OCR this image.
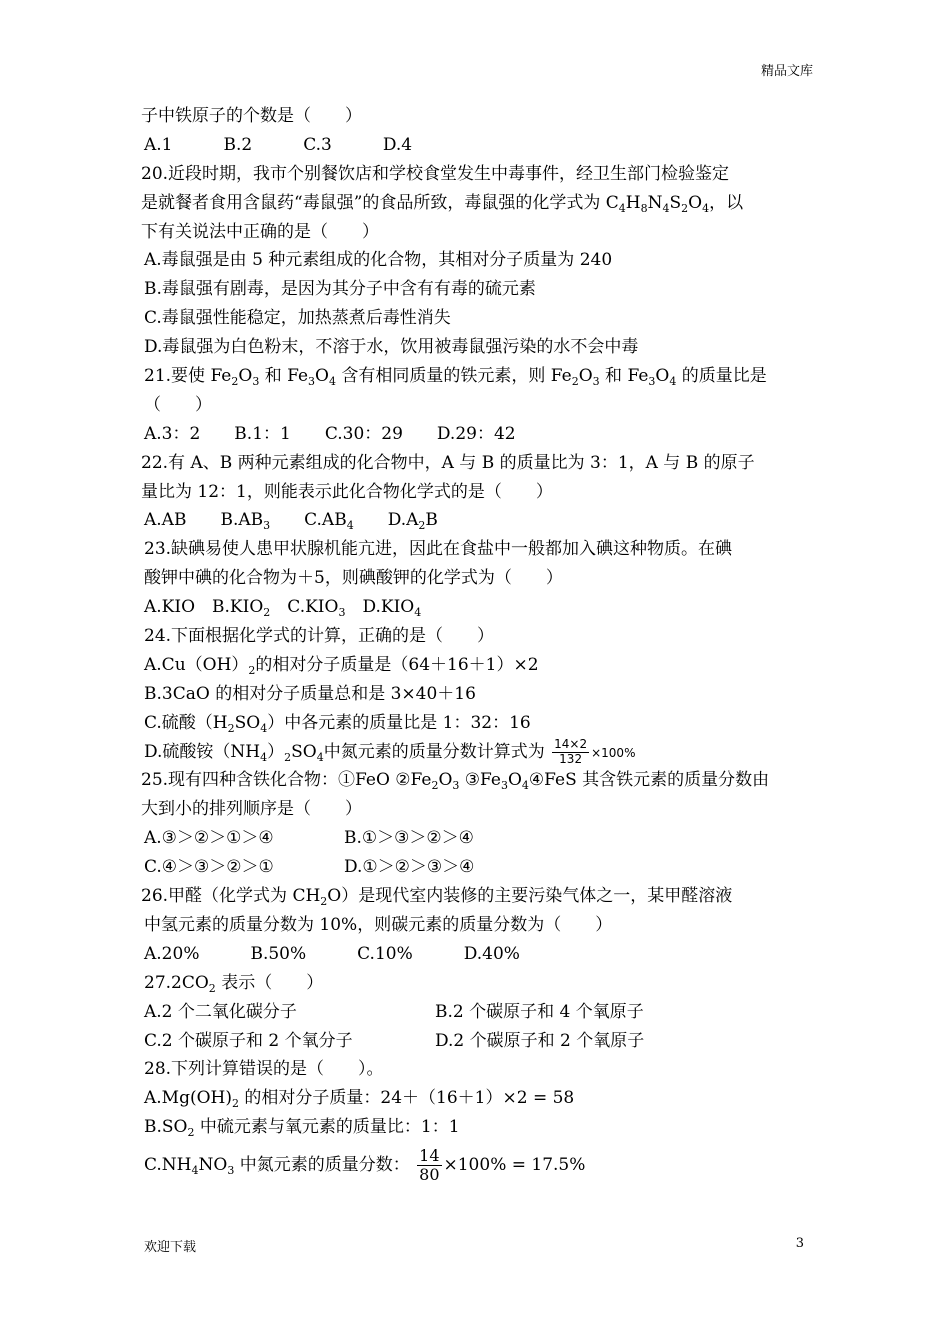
精品文库
子中铁原子的个数是（　　）
A.1　　　B.2　　　C.3　　　D.4
20.近段时期，我市个别餐饮店和学校食堂发生中毒事件，经卫生部门检验鉴定
是就餐者食用含鼠药“毒鼠强”的食品所致，毒鼠强的化学式为 $C_4H_8N_4S_2O_4$，以
下有关说法中正确的是（　　）
A.毒鼠强是由 5 种元素组成的化合物，其相对分子质量为 240
B.毒鼠强有剧毒，是因为其分子中含有有毒的硫元素
C.毒鼠强性能稳定，加热蒸煮后毒性消失
D.毒鼠强为白色粉末，不溶于水，饮用被毒鼠强污染的水不会中毒
21.要使 $Fe_2O_3$ 和 $Fe_3O_4$ 含有相同质量的铁元素，则 $Fe_2O_3$ 和 $Fe_3O_4$ 的质量比是
（　　）
A.3：2　　B.1：1　　C.30：29　　D.29：42
22.有 A、B 两种元素组成的化合物中，A 与 B 的质量比为 3：1，A 与 B 的原子
量比为 12：1，则能表示此化合物化学式的是（　　）
A.AB　　$B.AB_3$　　$C.AB_4$　　$D.A_2B$
23.缺碘易使人患甲状腺机能亢进，因此在食盐中一般都加入碘这种物质。在碘
酸钾中碘的化合物为＋5，则碘酸钾的化学式为（　　）
A.KIO　$B.KIO_2$　$C.KIO_3$　$D.KIO_4$
24.下面根据化学式的计算，正确的是（　　）
$A.Cu(OH)_2$的相对分子质量是（64＋16＋1）×2
B.3CaO 的相对分子质量总和是 3×40＋16
C.硫酸$(H_2SO_4)$中各元素的质量比是 1：32：16
D.硫酸铵$(NH_4)_2SO_4$中氮元素的质量分数计算式为 $\frac{14\times 2}{132} \times 100\%$
25.现有四种含铁化合物：①FeO $②Fe_2O_3$ $③Fe_3O_4④FeS$ 其含铁元素的质量分数由
大到小的排列顺序是（　　）
A.③＞②＞①＞④	B.①＞③＞②＞④
C.④＞③＞②＞①	D.①＞②＞③＞④
26.甲醛（化学式为 $CH_2O$）是现代室内装修的主要污染气体之一，某甲醛溶液
中氢元素的质量分数为 10%，则碳元素的质量分数为（　　）
A.20%　　　B.50%　　　C.10%　　　D.40%
$27.2CO_2$ 表示（　　）
A.2 个二氧化碳分子	B.2 个碳原子和 4 个氧原子
C.2 个碳原子和 2 个氧分子	D.2 个碳原子和 2 个氧原子
28.下列计算错误的是（　　）。
$A.Mg(OH)_2$ 的相对分子质量：24＋（16＋1）×2 = 58
$B.SO_2$ 中硫元素与氧元素的质量比：1：1
$C.NH_4NO_3$ 中氮元素的质量分数： $\frac{14}{80} \times 100\% = 17.5\%$
欢迎下载	3
